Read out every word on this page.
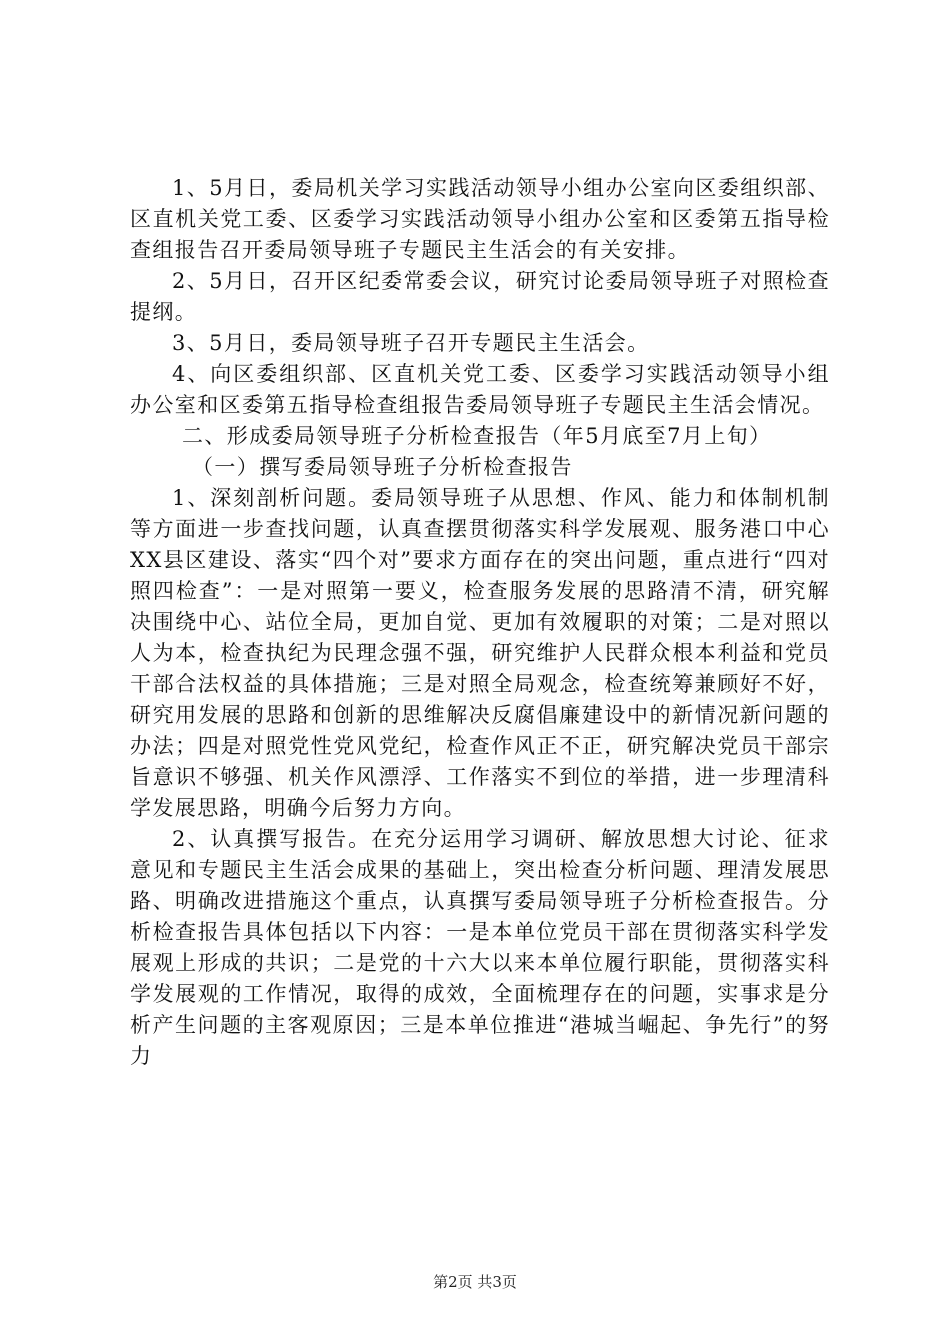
1、5月日，委局机关学习实践活动领导小组办公室向区委组织部、区直机关党工委、区委学习实践活动领导小组办公室和区委第五指导检查组报告召开委局领导班子专题民主生活会的有关安排。

2、5月日，召开区纪委常委会议，研究讨论委局领导班子对照检查提纲。

3、5月日，委局领导班子召开专题民主生活会。

4、向区委组织部、区直机关党工委、区委学习实践活动领导小组办公室和区委第五指导检查组报告委局领导班子专题民主生活会情况。

二、形成委局领导班子分析检查报告（年5月底至7月上旬）

（一）撰写委局领导班子分析检查报告

1、深刻剖析问题。委局领导班子从思想、作风、能力和体制机制等方面进一步查找问题，认真查摆贯彻落实科学发展观、服务港口中心XX县区建设、落实“四个对”要求方面存在的突出问题，重点进行“四对照四检查”：一是对照第一要义，检查服务发展的思路清不清，研究解决围绕中心、站位全局，更加自觉、更加有效履职的对策；二是对照以人为本，检查执纪为民理念强不强，研究维护人民群众根本利益和党员干部合法权益的具体措施；三是对照全局观念，检查统筹兼顾好不好，研究用发展的思路和创新的思维解决反腐倡廉建设中的新情况新问题的办法；四是对照党性党风党纪，检查作风正不正，研究解决党员干部宗旨意识不够强、机关作风漂浮、工作落实不到位的举措，进一步理清科学发展思路，明确今后努力方向。

2、认真撰写报告。在充分运用学习调研、解放思想大讨论、征求意见和专题民主生活会成果的基础上，突出检查分析问题、理清发展思路、明确改进措施这个重点，认真撰写委局领导班子分析检查报告。分析检查报告具体包括以下内容：一是本单位党员干部在贯彻落实科学发展观上形成的共识；二是党的十六大以来本单位履行职能，贯彻落实科学发展观的工作情况，取得的成效，全面梳理存在的问题，实事求是分析产生问题的主客观原因；三是本单位推进“港城当崛起、争先行”的努力

第2页 共3页
